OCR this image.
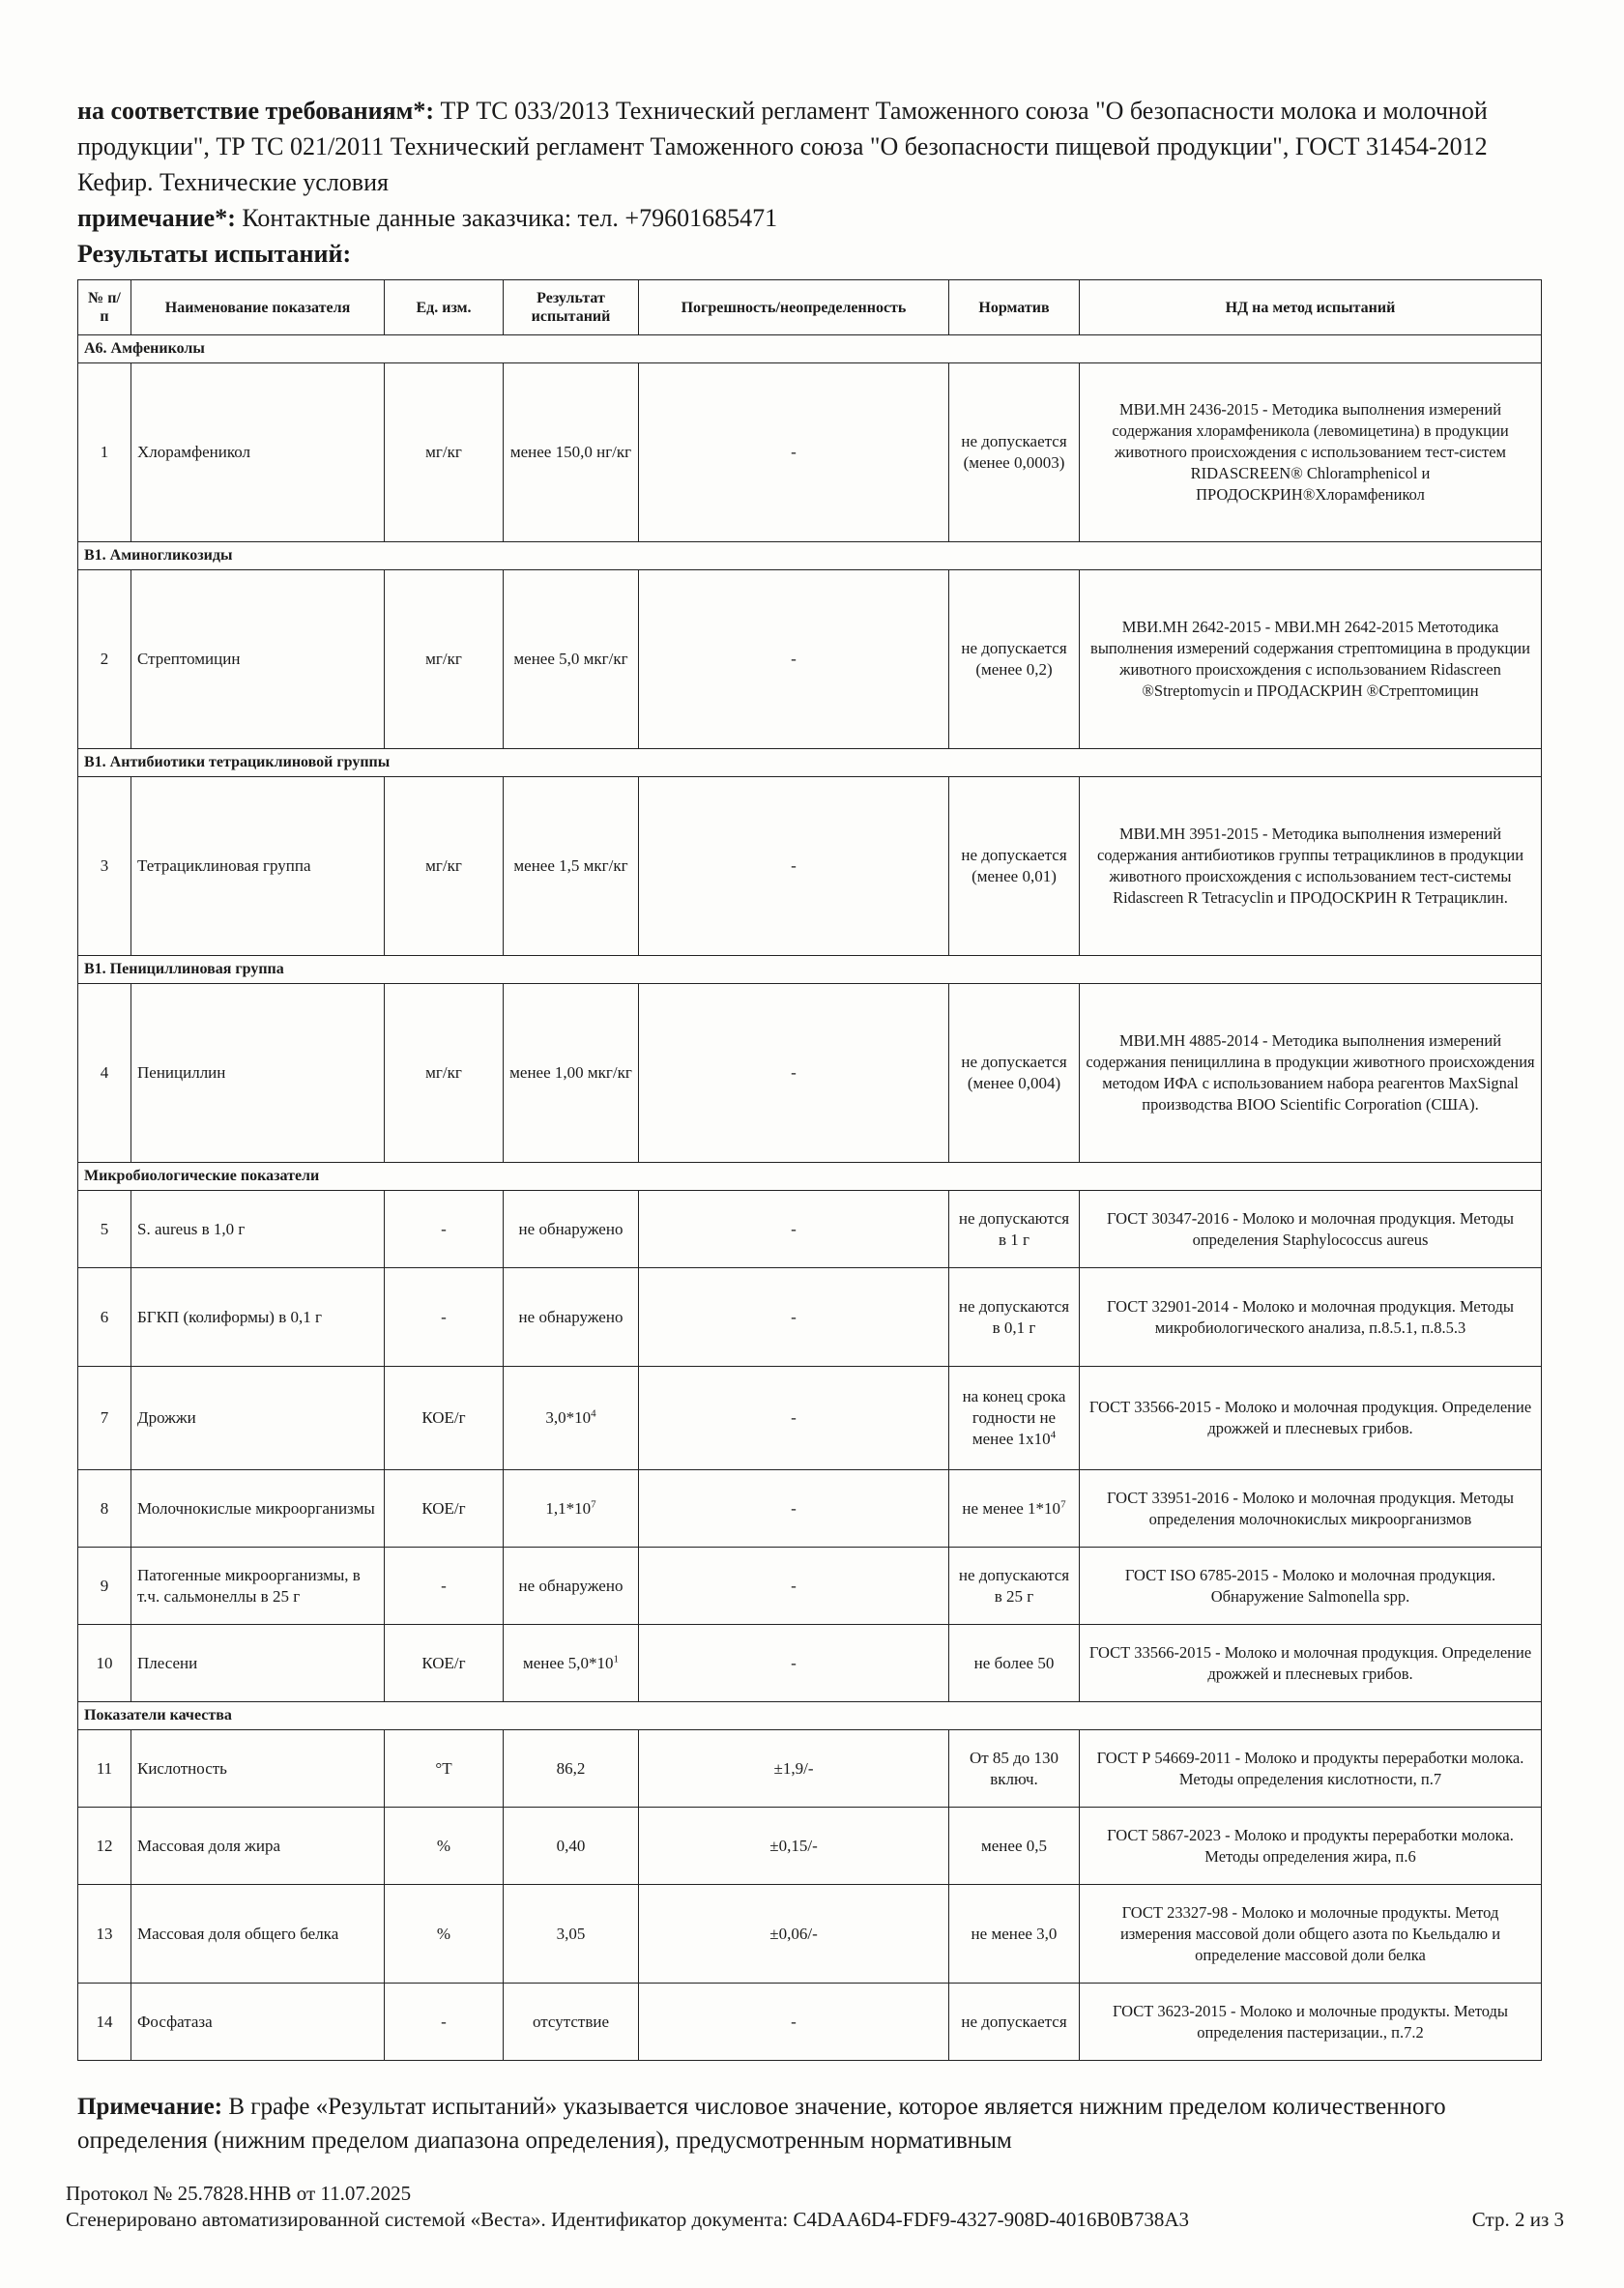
на соответствие требованиям*: ТР ТС 033/2013 Технический регламент Таможенного союза "О безопасности молока и молочной продукции", ТР ТС 021/2011 Технический регламент Таможенного союза "О безопасности пищевой продукции", ГОСТ 31454-2012 Кефир. Технические условия

примечание*: Контактные данные заказчика: тел. +79601685471

Результаты испытаний:

№ п/п	Наименование показателя	Ед. изм.	Результат испытаний	Погрешность/неопределенность	Норматив	НД на метод испытаний
А6. Амфениколы						
1	Хлорамфеникол	мг/кг	менее 150,0 нг/кг	-	не допускается (менее 0,0003)	МВИ.МН 2436-2015 - Методика выполнения измерений содержания хлорамфеникола (левомицетина) в продукции животного происхождения с использованием тест-систем RIDASCREEN® Chloramphenicol и ПРОДОСКРИН®Хлорамфеникол
В1. Аминогликозиды						
2	Стрептомицин	мг/кг	менее 5,0 мкг/кг	-	не допускается (менее 0,2)	МВИ.МН 2642-2015 - МВИ.МН 2642-2015 Метотодика выполнения измерений содержания стрептомицина в продукции животного происхождения с использованием Ridascreen ®Streptomycin и ПРОДАСКРИН ®Стрептомицин
В1. Антибиотики тетрациклиновой группы						
3	Тетрациклиновая группа	мг/кг	менее 1,5 мкг/кг	-	не допускается (менее 0,01)	МВИ.МН 3951-2015 - Методика выполнения измерений содержания антибиотиков группы тетрациклинов в продукции животного происхождения с использованием тест-системы Ridascreen R Tetracyclin и ПРОДОСКРИН R Тетрациклин.
В1. Пенициллиновая группа						
4	Пенициллин	мг/кг	менее 1,00 мкг/кг	-	не допускается (менее 0,004)	МВИ.МН 4885-2014 - Методика выполнения измерений содержания пенициллина в продукции животного происхождения методом ИФА с использованием набора реагентов MaxSignal производства BIOO Scientific Corporation (США).
Микробиологические показатели						
5	S. aureus в 1,0 г	-	не обнаружено	-	не допускаются в 1 г	ГОСТ 30347-2016 - Молоко и молочная продукция. Методы определения Staphylococcus aureus
6	БГКП (колиформы) в 0,1 г	-	не обнаружено	-	не допускаются в 0,1 г	ГОСТ 32901-2014 - Молоко и молочная продукция. Методы микробиологического анализа, п.8.5.1, п.8.5.3
7	Дрожжи	КОЕ/г	$3,0*10^4$	-	на конец срока годности не менее $1х10^4$	ГОСТ 33566-2015 - Молоко и молочная продукция. Определение дрожжей и плесневых грибов.
8	Молочнокислые микроорганизмы	КОЕ/г	$1,1*10^7$	-	не менее $1*10^7$	ГОСТ 33951-2016 - Молоко и молочная продукция. Методы определения молочнокислых микроорганизмов
9	Патогенные микроорганизмы, в т.ч. сальмонеллы в 25 г	-	не обнаружено	-	не допускаются в 25 г	ГОСТ ISO 6785-2015 - Молоко и молочная продукция. Обнаружение Salmonella spp.
10	Плесени	КОЕ/г	менее $5,0*10^1$	-	не более 50	ГОСТ 33566-2015 - Молоко и молочная продукция. Определение дрожжей и плесневых грибов.
Показатели качества						
11	Кислотность	°Т	86,2	±1,9/-	От 85 до 130 включ.	ГОСТ Р 54669-2011 - Молоко и продукты переработки молока. Методы определения кислотности, п.7
12	Массовая доля жира	%	0,40	±0,15/-	менее 0,5	ГОСТ 5867-2023 - Молоко и продукты переработки молока. Методы определения жира, п.6
13	Массовая доля общего белка	%	3,05	±0,06/-	не менее 3,0	ГОСТ 23327-98 - Молоко и молочные продукты. Метод измерения массовой доли общего азота по Кьельдалю и определение массовой доли белка
14	Фосфатаза	-	отсутствие	-	не допускается	ГОСТ 3623-2015 - Молоко и молочные продукты. Методы определения пастеризации., п.7.2

Примечание: В графе «Результат испытаний» указывается числовое значение, которое является нижним пределом количественного определения (нижним пределом диапазона определения), предусмотренным нормативным

Протокол № 25.7828.ННВ от 11.07.2025
Сгенерировано автоматизированной системой «Веста». Идентификатор документа: C4DAA6D4-FDF9-4327-908D-4016B0B738A3	Стр. 2 из 3
